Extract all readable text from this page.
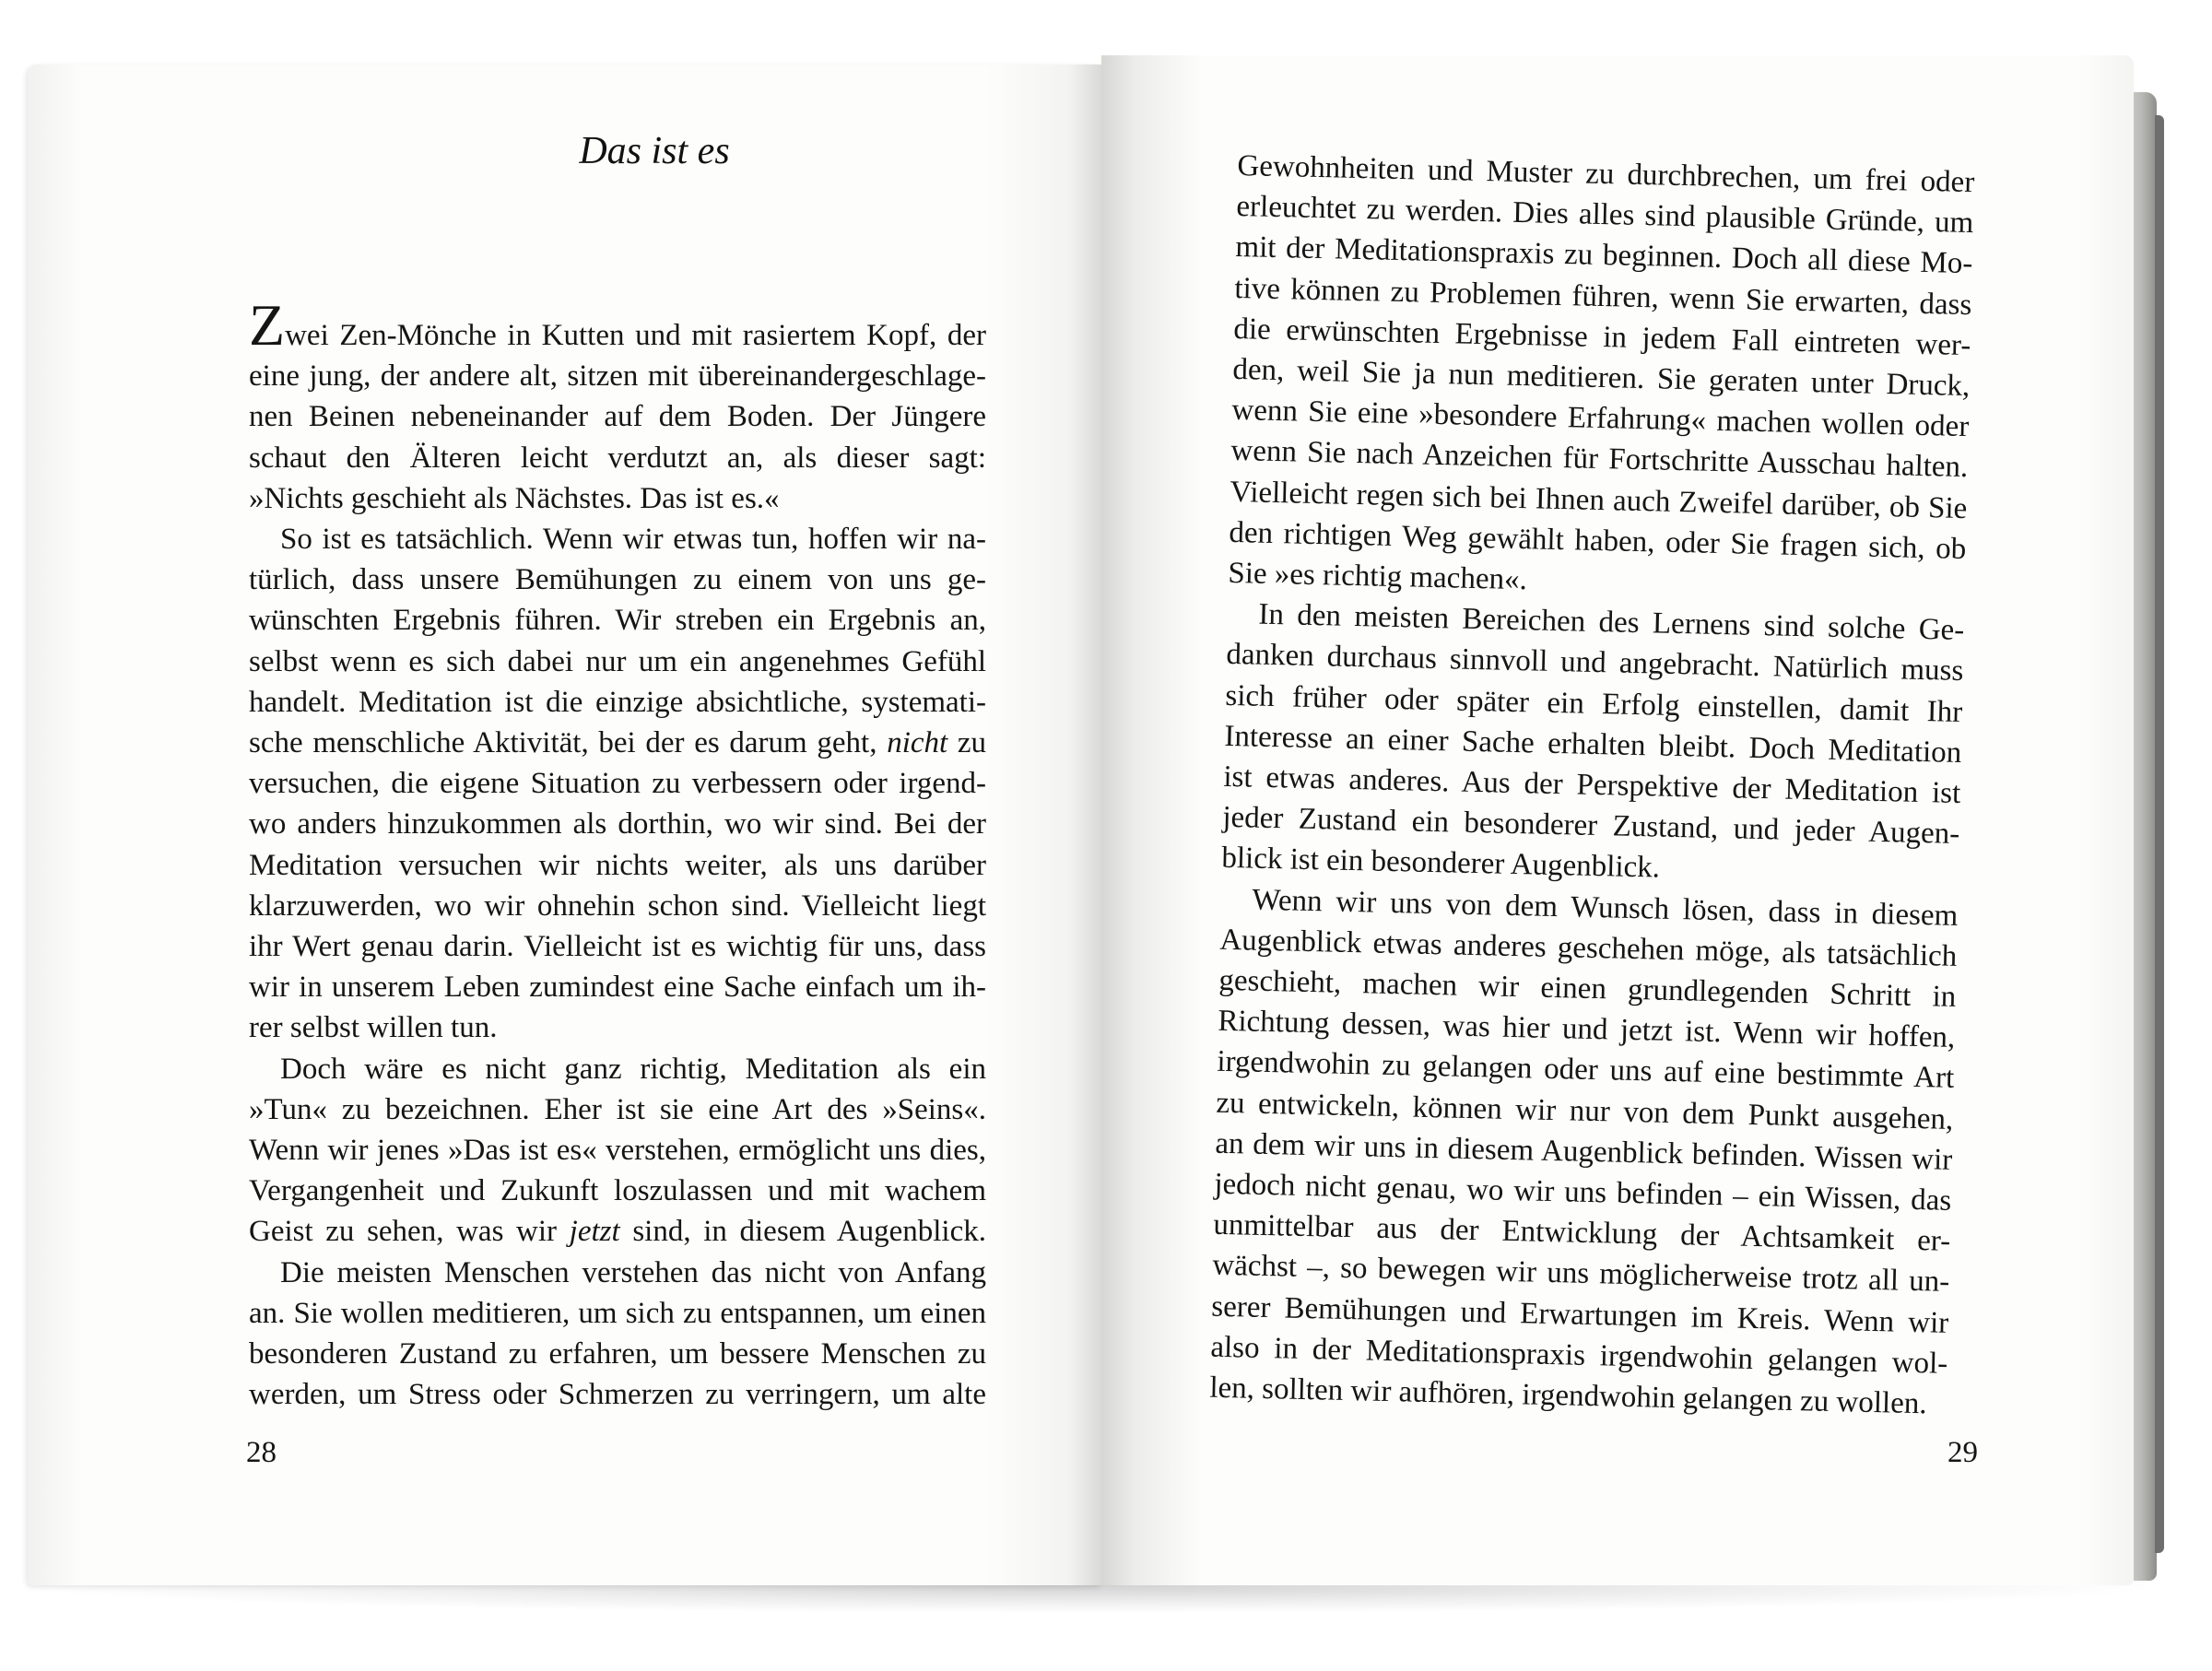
Das ist es

Zwei Zen-Mönche in Kutten und mit rasiertem Kopf, der

eine jung, der andere alt, sitzen mit übereinandergeschlage-

nen Beinen nebeneinander auf dem Boden. Der Jüngere

schaut den Älteren leicht verdutzt an, als dieser sagt:

»Nichts geschieht als Nächstes. Das ist es.«

So ist es tatsächlich. Wenn wir etwas tun, hoffen wir na-

türlich, dass unsere Bemühungen zu einem von uns ge-

wünschten Ergebnis führen. Wir streben ein Ergebnis an,

selbst wenn es sich dabei nur um ein angenehmes Gefühl

handelt. Meditation ist die einzige absichtliche, systemati-

sche menschliche Aktivität, bei der es darum geht, nicht zu

versuchen, die eigene Situation zu verbessern oder irgend-

wo anders hinzukommen als dorthin, wo wir sind. Bei der

Meditation versuchen wir nichts weiter, als uns darüber

klarzuwerden, wo wir ohnehin schon sind. Vielleicht liegt

ihr Wert genau darin. Vielleicht ist es wichtig für uns, dass

wir in unserem Leben zumindest eine Sache einfach um ih-

rer selbst willen tun.

Doch wäre es nicht ganz richtig, Meditation als ein

»Tun« zu bezeichnen. Eher ist sie eine Art des »Seins«.

Wenn wir jenes »Das ist es« verstehen, ermöglicht uns dies,

Vergangenheit und Zukunft loszulassen und mit wachem

Geist zu sehen, was wir jetzt sind, in diesem Augenblick.

Die meisten Menschen verstehen das nicht von Anfang

an. Sie wollen meditieren, um sich zu entspannen, um einen

besonderen Zustand zu erfahren, um bessere Menschen zu

werden, um Stress oder Schmerzen zu verringern, um alte

Gewohnheiten und Muster zu durchbrechen, um frei oder

erleuchtet zu werden. Dies alles sind plausible Gründe, um

mit der Meditationspraxis zu beginnen. Doch all diese Mo-

tive können zu Problemen führen, wenn Sie erwarten, dass

die erwünschten Ergebnisse in jedem Fall eintreten wer-

den, weil Sie ja nun meditieren. Sie geraten unter Druck,

wenn Sie eine »besondere Erfahrung« machen wollen oder

wenn Sie nach Anzeichen für Fortschritte Ausschau halten.

Vielleicht regen sich bei Ihnen auch Zweifel darüber, ob Sie

den richtigen Weg gewählt haben, oder Sie fragen sich, ob

Sie »es richtig machen«.

In den meisten Bereichen des Lernens sind solche Ge-

danken durchaus sinnvoll und angebracht. Natürlich muss

sich früher oder später ein Erfolg einstellen, damit Ihr

Interesse an einer Sache erhalten bleibt. Doch Meditation

ist etwas anderes. Aus der Perspektive der Meditation ist

jeder Zustand ein besonderer Zustand, und jeder Augen-

blick ist ein besonderer Augenblick.

Wenn wir uns von dem Wunsch lösen, dass in diesem

Augenblick etwas anderes geschehen möge, als tatsächlich

geschieht, machen wir einen grundlegenden Schritt in

Richtung dessen, was hier und jetzt ist. Wenn wir hoffen,

irgendwohin zu gelangen oder uns auf eine bestimmte Art

zu entwickeln, können wir nur von dem Punkt ausgehen,

an dem wir uns in diesem Augenblick befinden. Wissen wir

jedoch nicht genau, wo wir uns befinden – ein Wissen, das

unmittelbar aus der Entwicklung der Achtsamkeit er-

wächst –, so bewegen wir uns möglicherweise trotz all un-

serer Bemühungen und Erwartungen im Kreis. Wenn wir

also in der Meditationspraxis irgendwohin gelangen wol-

len, sollten wir aufhören, irgendwohin gelangen zu wollen.

28	29
